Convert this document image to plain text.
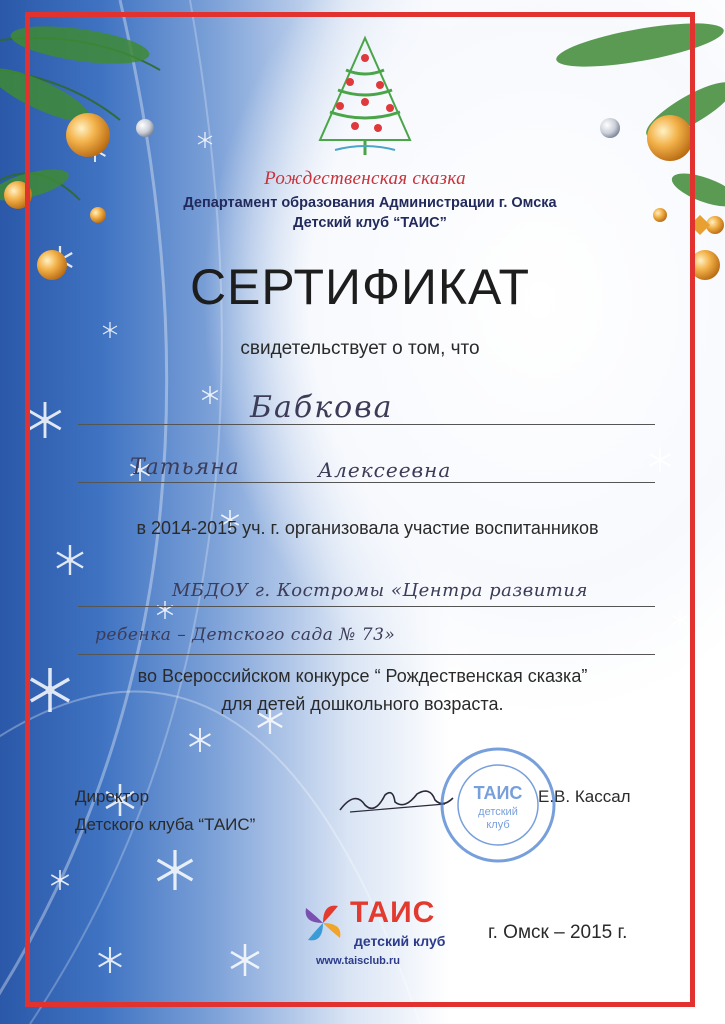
Рождественская сказка
Департамент образования Администрации г. Омска
Детский клуб “ТАИС”
СЕРТИФИКАТ
свидетельствует о том, что
Бабкова
Татьяна	Алексеевна
в 2014-2015 уч. г. организовала участие воспитанников
МБДОУ г. Костромы «Центра развития
ребенка – Детского сада № 73»
во Всероссийском конкурсе “ Рождественская сказка”
для детей дошкольного возраста.
Директор
Детского клуба “ТАИС”
Е.В. Кассал
ТАИС
детский
клуб
ТАИС
детский клуб
www.taisclub.ru
г. Омск – 2015 г.
